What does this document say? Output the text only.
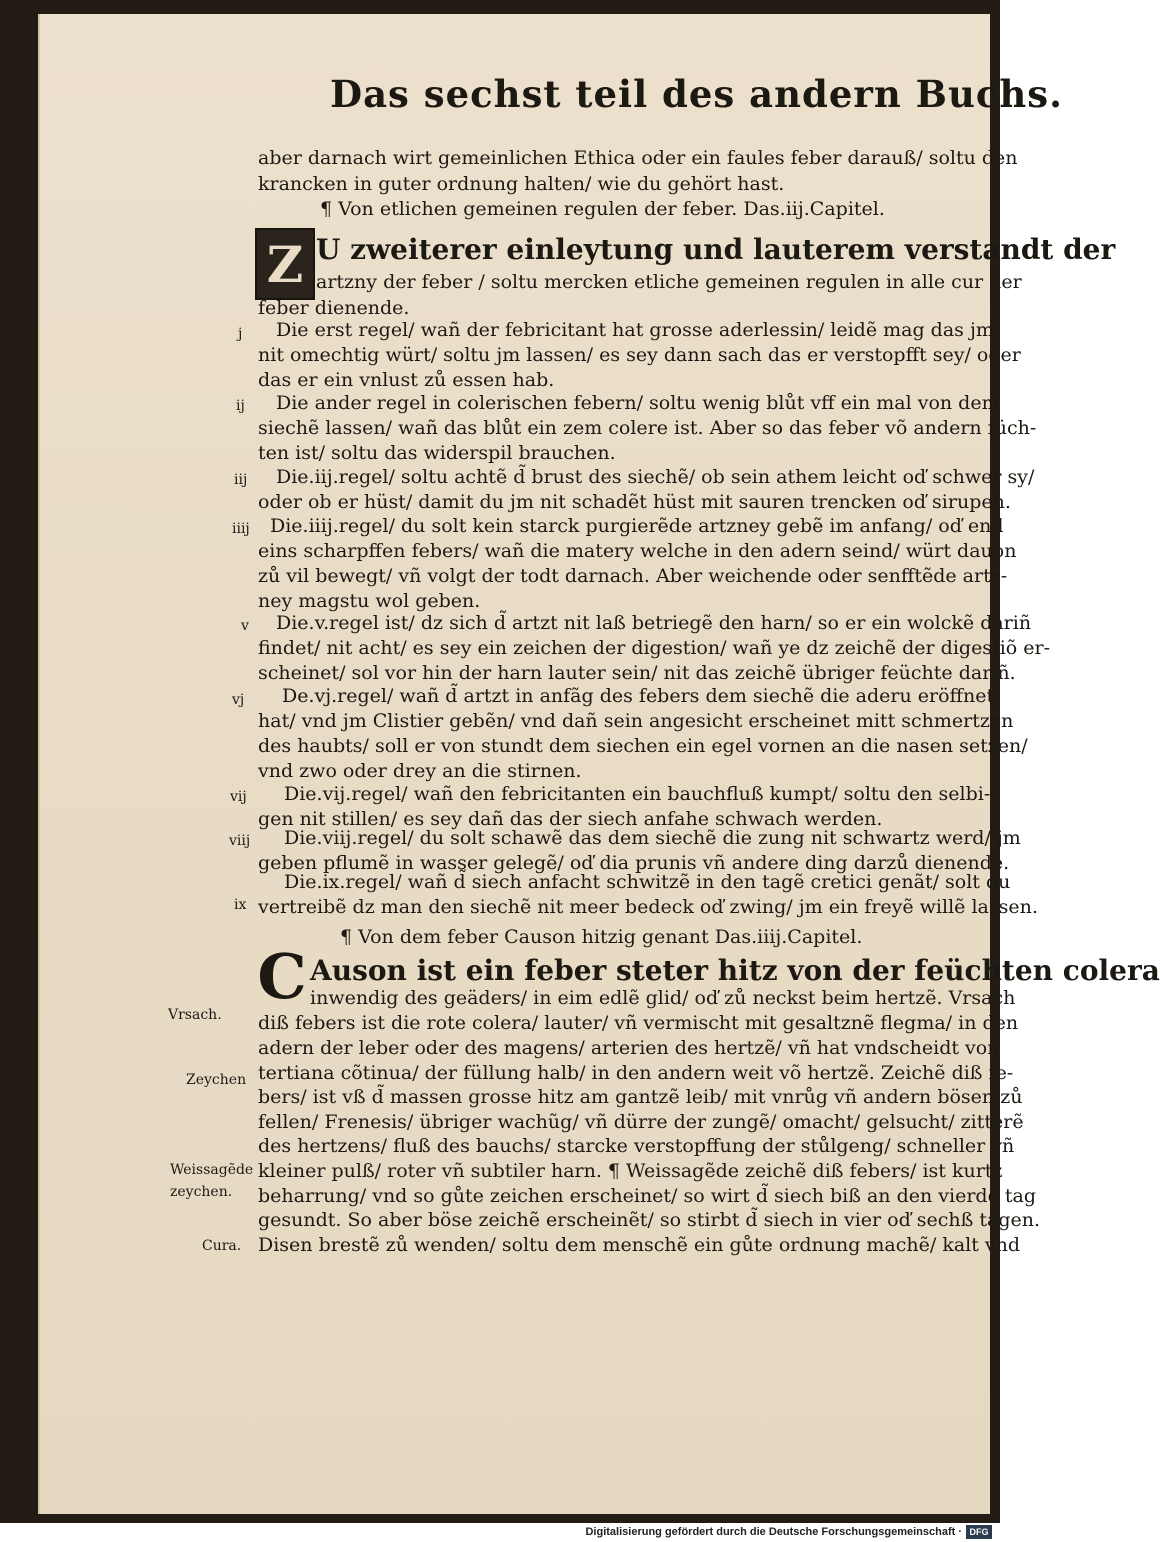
Das sechst teil des andern Buchs.
aber darnach wirt gemeinlichen Ethica oder ein faules feber darauß/ soltu den
krancken in guter ordnung halten/ wie du gehört hast.
¶ Von etlichen gemeinen regulen der feber. Das.iij.Capitel.
Z U zweiterer einleytung und lauterem verstandt der
artzny der feber / soltu mercken etliche gemeinen regulen in alle cur der
feber dienende.
j Die erst regel/ wañ der febricitant hat grosse aderlessin/ leidẽ mag das jm
nit omechtig würt/ soltu jm lassen/ es sey dann sach das er verstopfft sey/ oder
das er ein vnlust zů essen hab.
ij Die ander regel in colerischen febern/ soltu wenig blůt vff ein mal von dem
siechẽ lassen/ wañ das blůt ein zem colere ist. Aber so das feber võ andern füch-
ten ist/ soltu das widerspil brauchen.
iij Die.iij.regel/ soltu achtẽ d̃ brust des siechẽ/ ob sein athem leicht oď schwer sy/
oder ob er hüst/ damit du jm nit schadẽt hüst mit sauren trencken oď sirupen.
iiij Die.iiij.regel/ du solt kein starck purgierẽde artzney gebẽ im anfang/ oď end
eins scharpffen febers/ wañ die matery welche in den adern seind/ würt dauon
zů vil bewegt/ vñ volgt der todt darnach. Aber weichende oder senfftẽde artz-
ney magstu wol geben.
v Die.v.regel ist/ dz sich d̃ artzt nit laß betriegẽ den harn/ so er ein wolckẽ dariñ
findet/ nit acht/ es sey ein zeichen der digestion/ wañ ye dz zeichẽ der digestiõ er-
scheinet/ sol vor hin der harn lauter sein/ nit das zeichẽ übriger feüchte dariñ.
vj De.vj.regel/ wañ d̃ artzt in anfãg des febers dem siechẽ die aderu eröffnet
hat/ vnd jm Clistier gebẽn/ vnd dañ sein angesicht erscheinet mitt schmertzen
des haubts/ soll er von stundt dem siechen ein egel vornen an die nasen setzen/
vnd zwo oder drey an die stirnen.
vij Die.vij.regel/ wañ den febricitanten ein bauchfluß kumpt/ soltu den selbi-
gen nit stillen/ es sey dañ das der siech anfahe schwach werden.
viij Die.viij.regel/ du solt schawẽ das dem siechẽ die zung nit schwartz werd/ jm
geben pflumẽ in wasser gelegẽ/ oď dia prunis vñ andere ding darzů dienende.
ix
Die.ix.regel/ wañ d̃ siech anfacht schwitzẽ in den tagẽ cretici genãt/ solt du
vertreibẽ dz man den siechẽ nit meer bedeck oď zwing/ jm ein freyẽ willẽ lassen.
¶ Von dem feber Causon hitzig genant Das.iiij.Capitel.
C Auson ist ein feber steter hitz von der feüchten colera
inwendig des geäders/ in eim edlẽ glid/ oď zů neckst beim hertzẽ. Vrsach
diß febers ist die rote colera/ lauter/ vñ vermischt mit gesaltznẽ flegma/ in den
adern der leber oder des magens/ arterien des hertzẽ/ vñ hat vndscheidt von
tertiana cõtinua/ der füllung halb/ in den andern weit võ hertzẽ. Zeichẽ diß fe-
bers/ ist vß d̃ massen grosse hitz am gantzẽ leib/ mit vnrůg vñ andern bösen zů
fellen/ Frenesis/ übriger wachũg/ vñ dürre der zungẽ/ omacht/ gelsucht/ zitterẽ
des hertzens/ fluß des bauchs/ starcke verstopffung der stůlgeng/ schneller vñ
kleiner pulß/ roter vñ subtiler harn. ¶ Weissagẽde zeichẽ diß febers/ ist kurtz
beharrung/ vnd so gůte zeichen erscheinet/ so wirt d̃ siech biß an den vierdẽ tag
gesundt. So aber böse zeichẽ erscheinẽt/ so stirbt d̃ siech in vier oď sechß tagen.
Disen brestẽ zů wenden/ soltu dem menschẽ ein gůte ordnung machẽ/ kalt vnd
Vrsach.
Zeychen
Weissagẽde
zeychen.
Cura.
Digitalisierung gefördert durch die Deutsche Forschungsgemeinschaft · DFG
